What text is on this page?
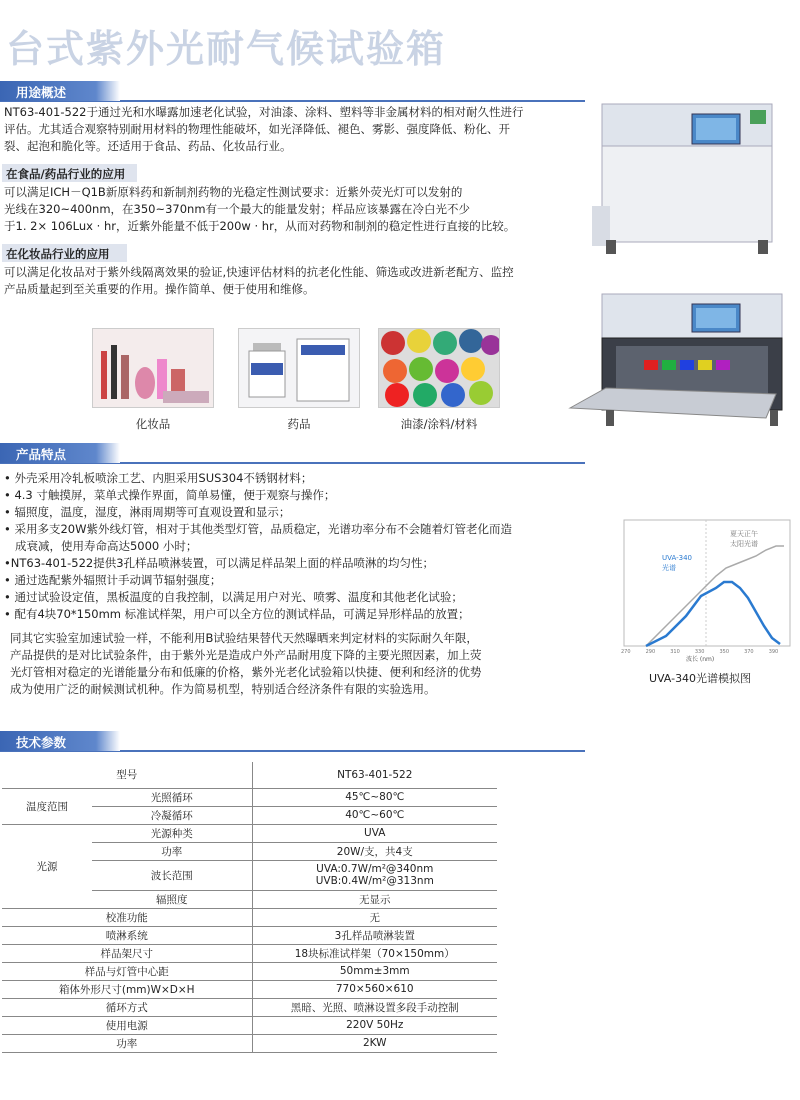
台式紫外光耐气候试验箱
用途概述
NT63-401-522于通过光和水曝露加速老化试验，对油漆、涂料、塑料等非金属材料的相对耐久性进行
评估。尤其适合观察特别耐用材料的物理性能破坏，如光泽降低、褪色、雾影、强度降低、粉化、开
裂、起泡和脆化等。还适用于食品、药品、化妆品行业。
在食品/药品行业的应用
可以满足ICH－Q1B新原料药和新制剂药物的光稳定性测试要求：近紫外荧光灯可以发射的
光线在320~400nm，在350~370nm有一个最大的能量发射；样品应该暴露在冷白光不少
于1. 2× 106Lux · hr，近紫外能量不低于200w · hr，从而对药物和制剂的稳定性进行直接的比较。
在化妆品行业的应用
可以满足化妆品对于紫外线隔离效果的验证,快速评估材料的抗老化性能、筛选或改进新老配方、监控
产品质量起到至关重要的作用。操作简单、便于使用和维修。
化妆品	药品	油漆/涂料/材料
产品特点
• 外壳采用冷轧板喷涂工艺、内胆采用SUS304不锈钢材料；
• 4.3 寸触摸屏，菜单式操作界面，简单易懂，便于观察与操作；
• 辐照度，温度，湿度，淋雨周期等可直观设置和显示；
• 采用多支20W紫外线灯管，相对于其他类型灯管，品质稳定，光谱功率分布不会随着灯管老化而造
成衰减，使用寿命高达5000 小时；
•NT63-401-522提供3孔样品喷淋装置，可以满足样品架上面的样品喷淋的均匀性；
• 通过选配紫外辐照计手动调节辐射强度；
• 通过试验设定值，黑板温度的自我控制，以满足用户对光、喷雾、温度和其他老化试验；
• 配有4块70*150mm 标准试样架，用户可以全方位的测试样品，可满足异形样品的放置；
同其它实验室加速试验一样，不能利用B试验结果替代天然曝晒来判定材料的实际耐久年限，
产品提供的是对比试验条件，由于紫外光是造成户外产品耐用度下降的主要光照因素，加上荧
光灯管相对稳定的光谱能量分布和低廉的价格，紫外光老化试验箱以快捷、便利和经济的优势
成为使用广泛的耐候测试机种。作为简易机型，特别适合经济条件有限的实验选用。
UVA-340
光谱
夏天正午
太阳光谱
波长 (nm)
270	290	310	330	350	370	390
UVA-340光谱模拟图
技术参数
型号		NT63-401-522
温度范围	光照循环	45℃~80℃
	冷凝循环	40℃~60℃
光源	光源种类	UVA
	功率	20W/支，共4支
	波长范围	UVA:0.7W/m²@340nm
UVB:0.4W/m²@313nm

	辐照度	无显示
校准功能		无
喷淋系统		3孔样品喷淋装置
样品架尺寸		18块标准试样架（70×150mm）
样品与灯管中心距		50mm±3mm
箱体外形尺寸(mm)W×D×H		770×560×610
循环方式		黑暗、光照、喷淋设置多段手动控制
使用电源		220V 50Hz
功率		2KW
